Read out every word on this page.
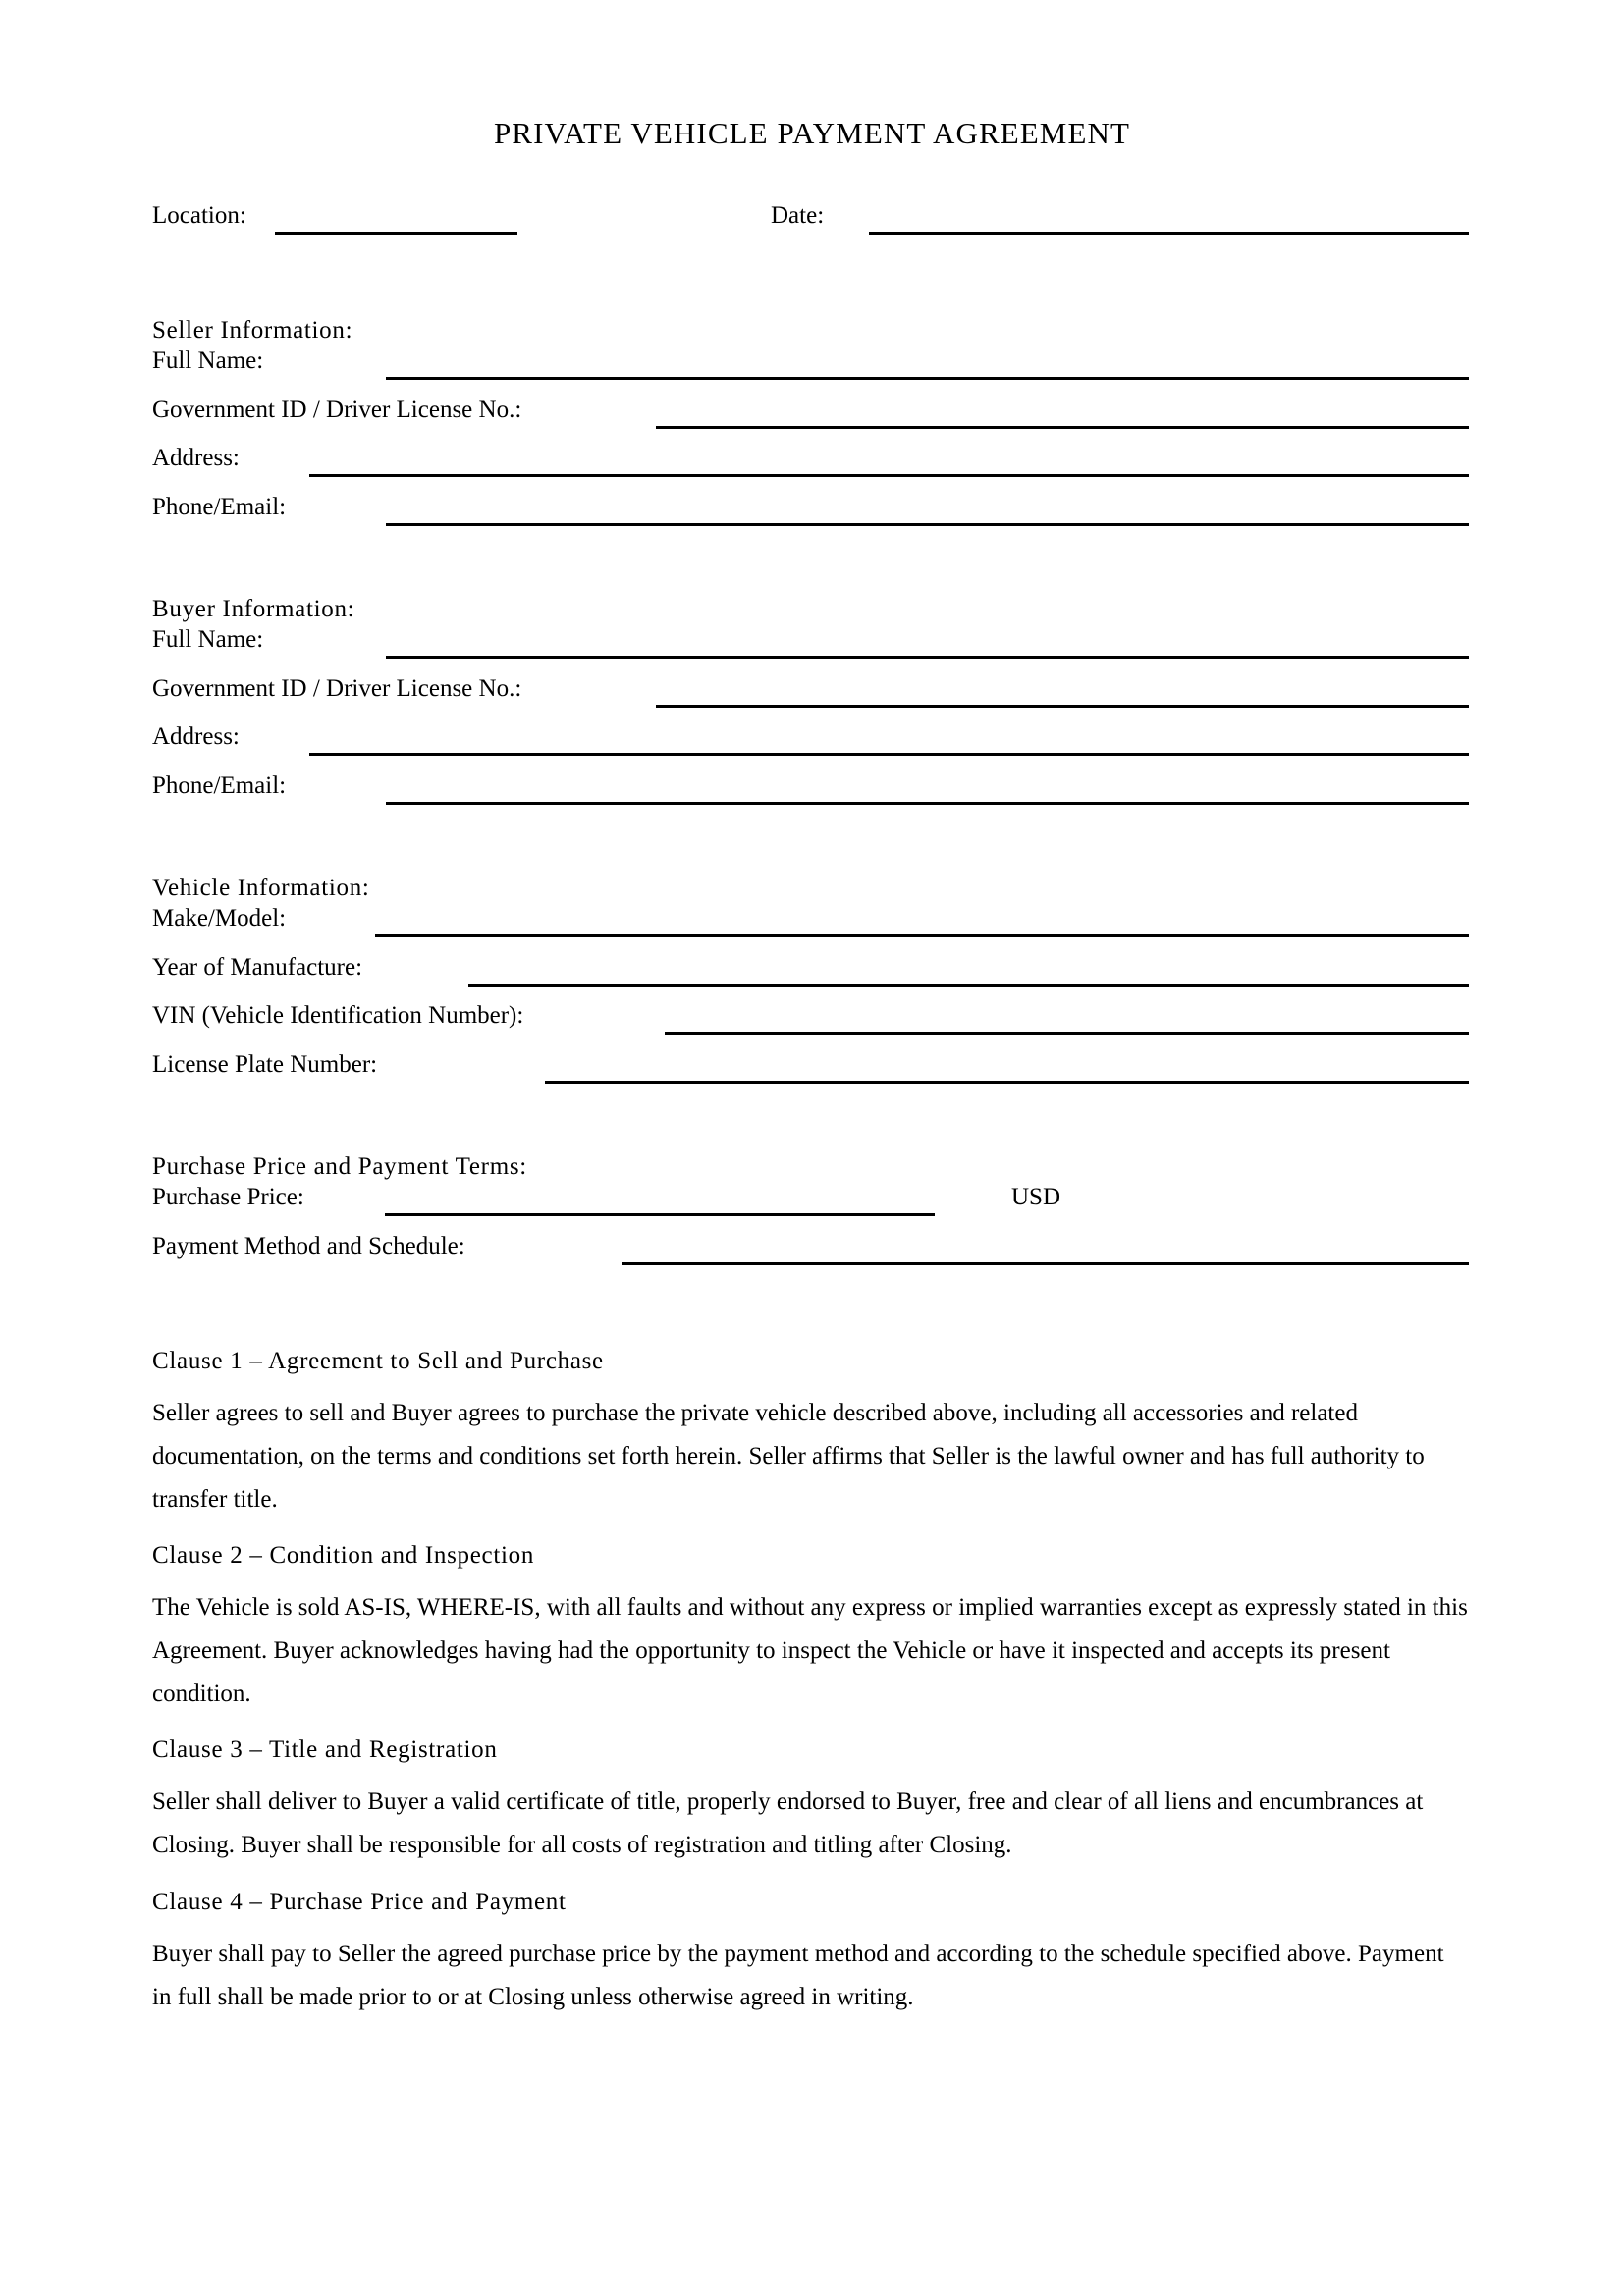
PRIVATE VEHICLE PAYMENT AGREEMENT
Location:	Date:
Seller Information:
Full Name:
Government ID / Driver License No.:
Address:
Phone/Email:
Buyer Information:
Full Name:
Government ID / Driver License No.:
Address:
Phone/Email:
Vehicle Information:
Make/Model:
Year of Manufacture:
VIN (Vehicle Identification Number):
License Plate Number:
Purchase Price and Payment Terms:
Purchase Price:	USD
Payment Method and Schedule:

Clause 1 – Agreement to Sell and Purchase

Seller agrees to sell and Buyer agrees to purchase the private vehicle described above, including all accessories and related documentation, on the terms and conditions set forth herein. Seller affirms that Seller is the lawful owner and has full authority to transfer title.

Clause 2 – Condition and Inspection

The Vehicle is sold AS-IS, WHERE-IS, with all faults and without any express or implied warranties except as expressly stated in this Agreement. Buyer acknowledges having had the opportunity to inspect the Vehicle or have it inspected and accepts its present condition.

Clause 3 – Title and Registration

Seller shall deliver to Buyer a valid certificate of title, properly endorsed to Buyer, free and clear of all liens and encumbrances at Closing. Buyer shall be responsible for all costs of registration and titling after Closing.

Clause 4 – Purchase Price and Payment

Buyer shall pay to Seller the agreed purchase price by the payment method and according to the schedule specified above. Payment in full shall be made prior to or at Closing unless otherwise agreed in writing.
